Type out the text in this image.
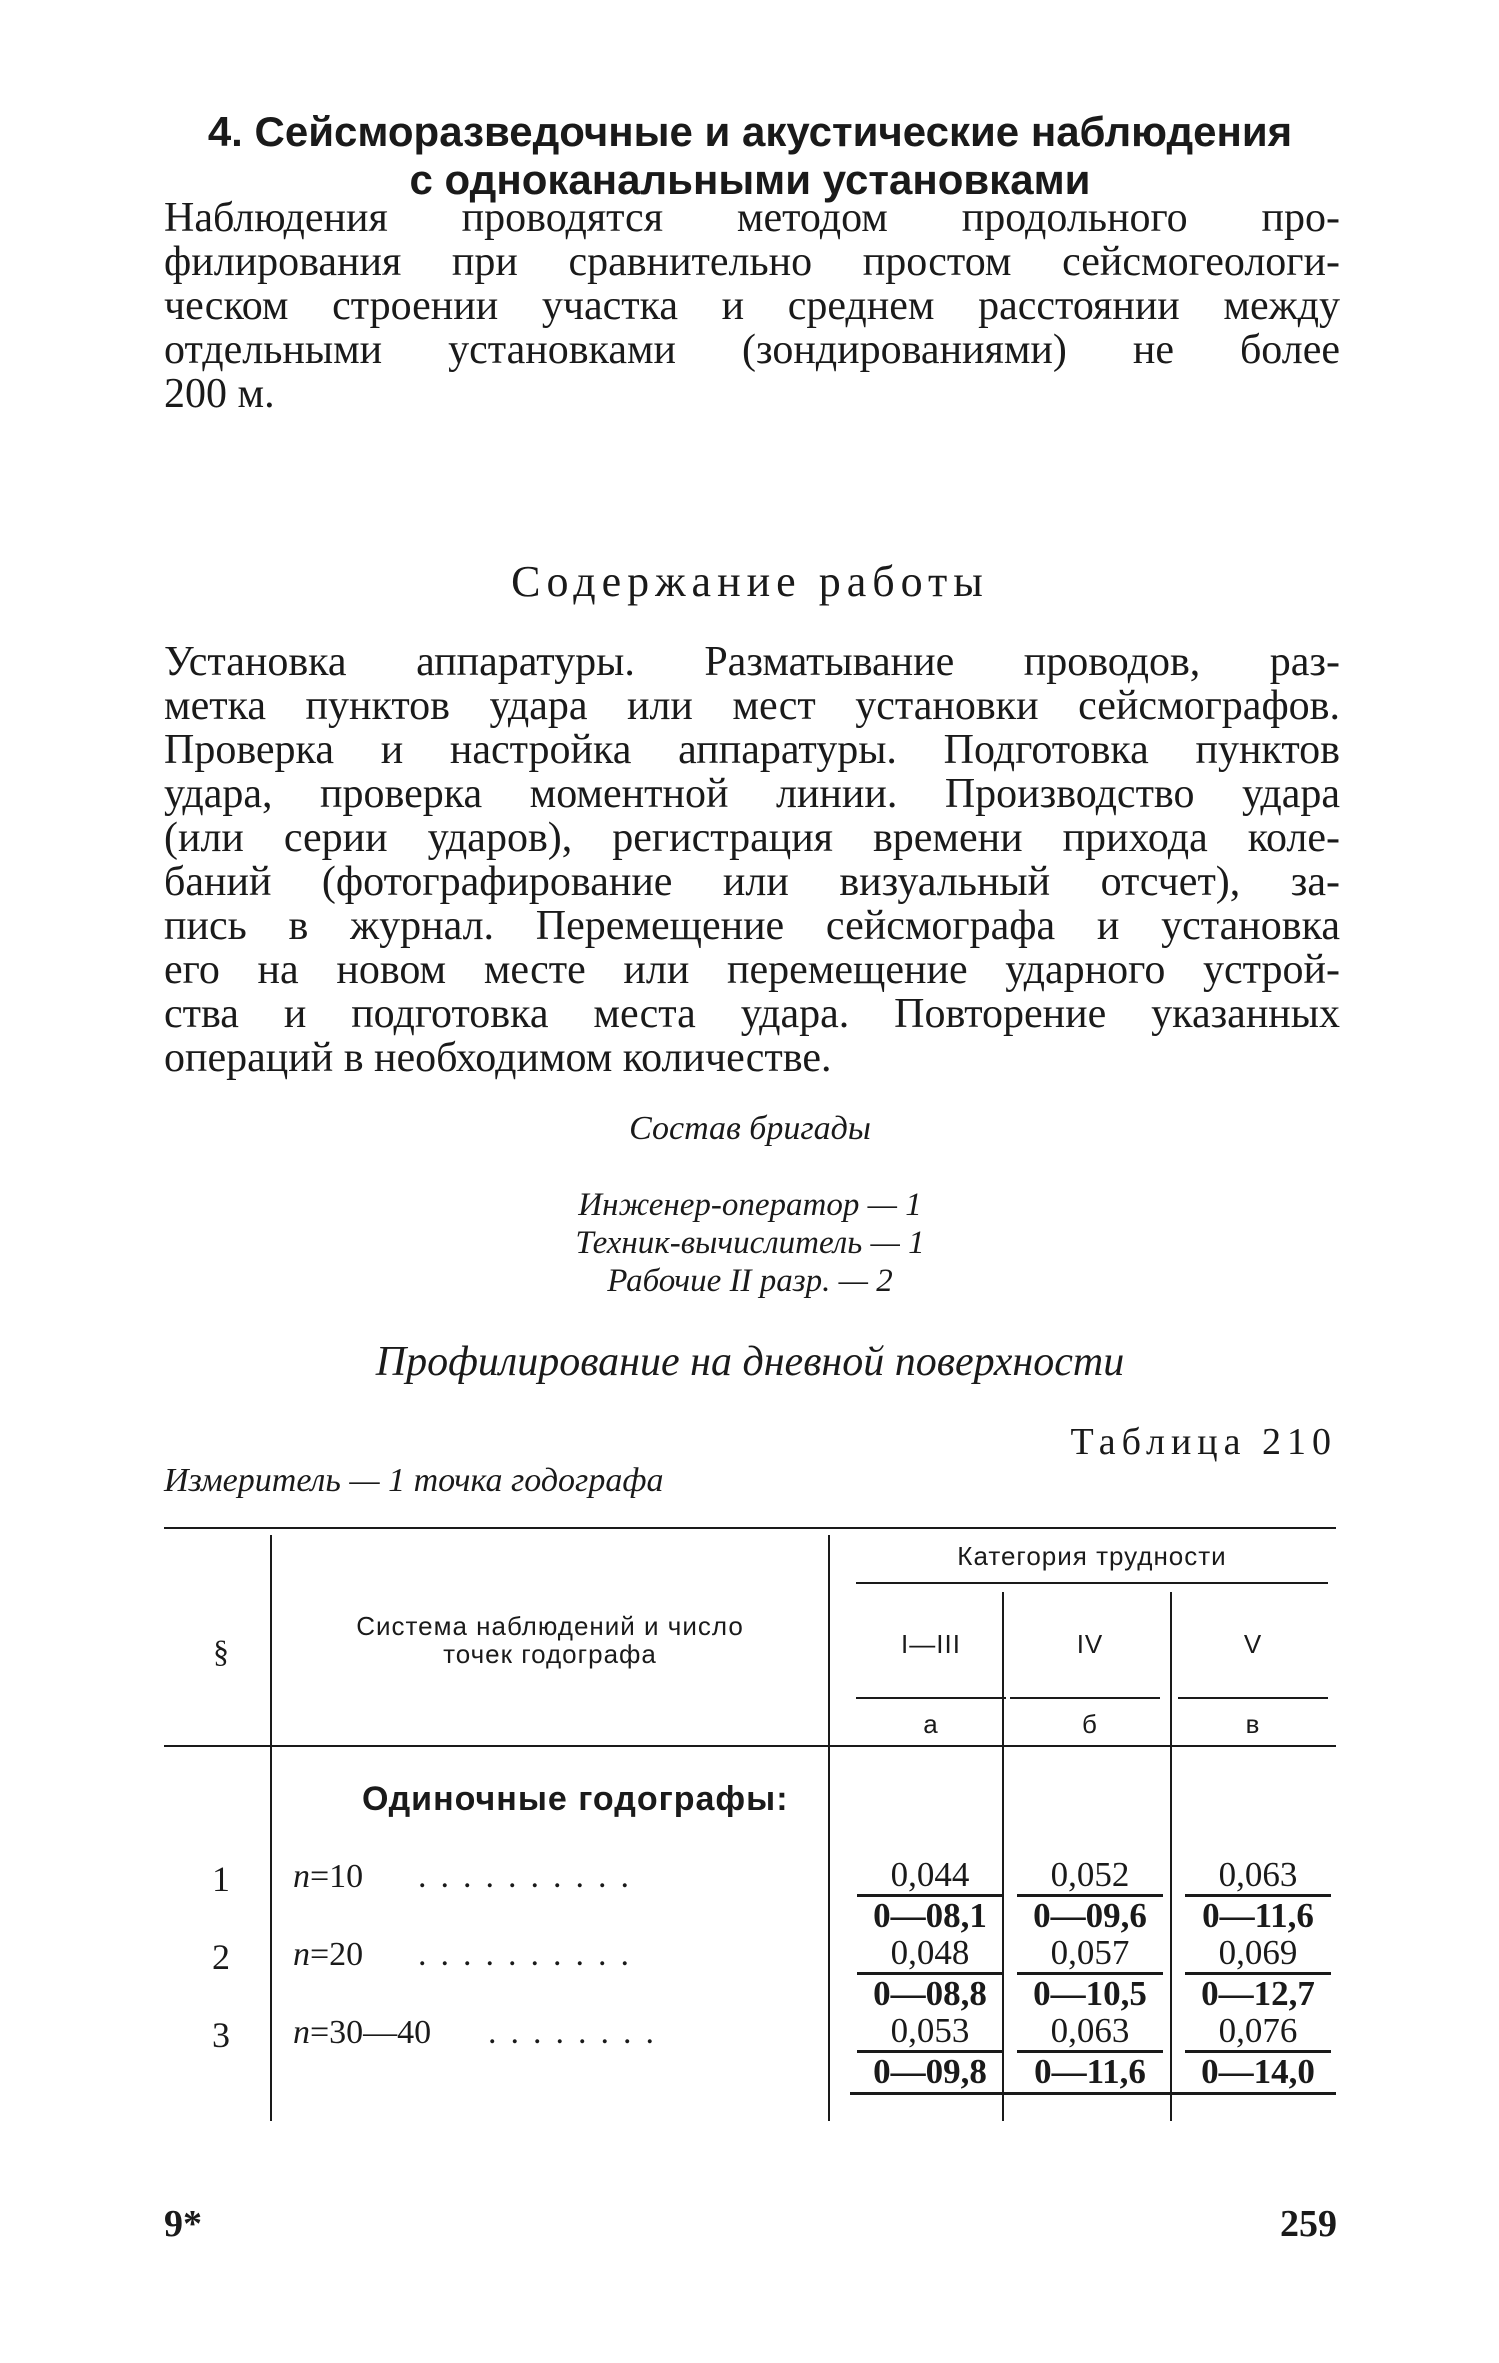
4. Сейсморазведочные и акустические наблюдения
с одноканальными установками
Наблюдения проводятся методом продольного про-
филирования при сравнительно простом сейсмогеологи-
ческом строении участка и среднем расстоянии между
отдельными установками (зондированиями) не более
200 м.
Содержание работы
Установка аппаратуры. Разматывание проводов, раз-
метка пунктов удара или мест установки сейсмографов.
Проверка и настройка аппаратуры. Подготовка пунктов
удара, проверка моментной линии. Производство удара
(или серии ударов), регистрация времени прихода коле-
баний (фотографирование или визуальный отсчет), за-
пись в журнал. Перемещение сейсмографа и установка
его на новом месте или перемещение ударного устрой-
ства и подготовка места удара. Повторение указанных
операций в необходимом количестве.
Состав бригады
Инженер-оператор — 1
Техник-вычислитель — 1
Рабочие II разр. — 2
Профилирование на дневной поверхности
Таблица 210
Измеритель — 1 точка годографа
§
Система наблюдений и число точек годографа
Категория трудности
I—III	IV	V
а	б	в
Одиночные годографы:
1	n=10 ..........	0,044	0,052	0,063
0—08,1	0—09,6	0—11,6
2	n=20 ..........	0,048	0,057	0,069
0—08,8	0—10,5	0—12,7
3	n=30—40 ........	0,053	0,063	0,076
0—09,8	0—11,6	0—14,0
9*	259
